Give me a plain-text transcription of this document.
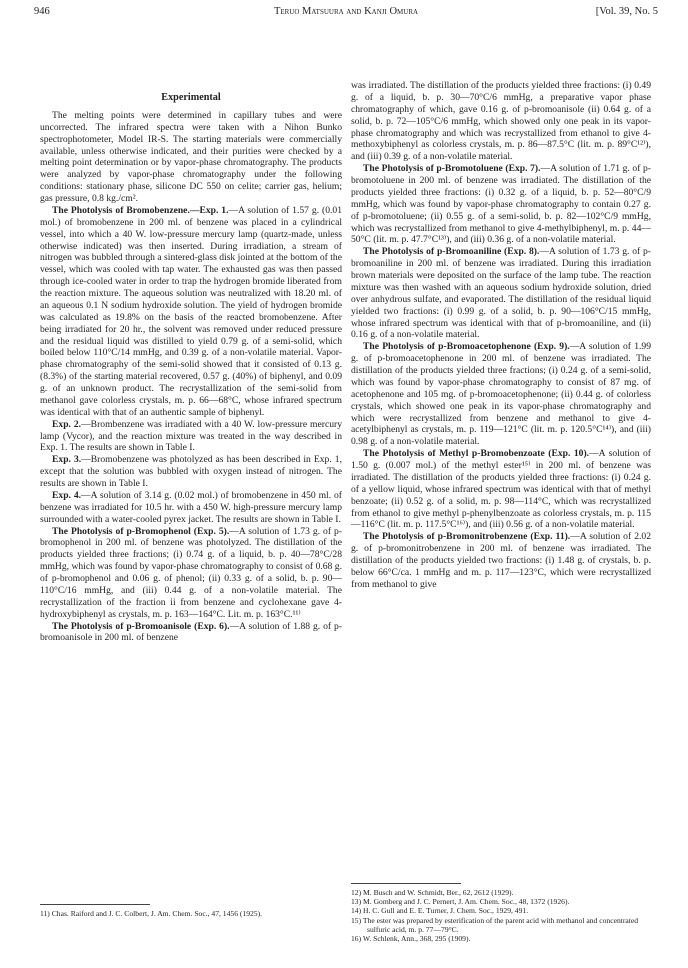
946	Teruo Matsuura and Kanji Omura	[Vol. 39, No. 5
Experimental

The melting points were determined in capillary tubes and were uncorrected. The infrared spectra were taken with a Nihon Bunko spectrophotometer, Model IR-S. The starting materials were commercially available, unless otherwise indicated, and their purities were checked by a melting point determination or by vapor-phase chromatography. The products were analyzed by vapor-phase chromatography under the following conditions: stationary phase, silicone DC 550 on celite; carrier gas, helium; gas pressure, 0.8 kg./cm².

The Photolysis of Bromobenzene.—Exp. 1.—A solution of 1.57 g. (0.01 mol.) of bromobenzene in 200 ml. of benzene was placed in a cylindrical vessel, into which a 40 W. low-pressure mercury lamp (quartz-made, unless otherwise indicated) was then inserted. During irradiation, a stream of nitrogen was bubbled through a sintered-glass disk jointed at the bottom of the vessel, which was cooled with tap water. The exhausted gas was then passed through ice-cooled water in order to trap the hydrogen bromide liberated from the reaction mixture. The aqueous solution was neutralized with 18.20 ml. of an aqueous 0.1 N sodium hydroxide solution. The yield of hydrogen bromide was calculated as 19.8% on the basis of the reacted bromobenzene. After being irradiated for 20 hr., the solvent was removed under reduced pressure and the residual liquid was distilled to yield 0.79 g. of a semi-solid, which boiled below 110°C/14 mmHg, and 0.39 g. of a non-volatile material. Vapor-phase chromatography of the semi-solid showed that it consisted of 0.13 g. (8.3%) of the starting material recovered, 0.57 g. (40%) of biphenyl, and 0.09 g. of an unknown product. The recrystallization of the semi-solid from methanol gave colorless crystals, m. p. 66—68°C, whose infrared spectrum was identical with that of an authentic sample of biphenyl.

Exp. 2.—Brombenzene was irradiated with a 40 W. low-pressure mercury lamp (Vycor), and the reaction mixture was treated in the way described in Exp. 1. The results are shown in Table I.

Exp. 3.—Bromobenzene was photolyzed as has been described in Exp. 1, except that the solution was bubbled with oxygen instead of nitrogen. The results are shown in Table I.

Exp. 4.—A solution of 3.14 g. (0.02 mol.) of bromobenzene in 450 ml. of benzene was irradiated for 10.5 hr. with a 450 W. high-pressure mercury lamp surrounded with a water-cooled pyrex jacket. The results are shown in Table I.

The Photolysis of p-Bromophenol (Exp. 5).—A solution of 1.73 g. of p-bromophenol in 200 ml. of benzene was photolyzed. The distillation of the products yielded three fractions; (i) 0.74 g. of a liquid, b. p. 40—78°C/28 mmHg, which was found by vapor-phase chromatography to consist of 0.68 g. of p-bromophenol and 0.06 g. of phenol; (ii) 0.33 g. of a solid, b. p. 90—110°C/16 mmHg, and (iii) 0.44 g. of a non-volatile material. The recrystallization of the fraction ii from benzene and cyclohexane gave 4-hydroxybiphenyl as crystals, m. p. 163—164°C. Lit. m. p. 163°C.¹¹⁾

The Photolysis of p-Bromoanisole (Exp. 6).—A solution of 1.88 g. of p-bromoanisole in 200 ml. of benzene

11) Chas. Raiford and J. C. Colbert, J. Am. Chem. Soc., 47, 1456 (1925).

was irradiated. The distillation of the products yielded three fractions: (i) 0.49 g. of a liquid, b. p. 30—70°C/6 mmHg, a preparative vapor phase chromatography of which, gave 0.16 g. of p-bromoanisole (ii) 0.64 g. of a solid, b. p. 72—105°C/6 mmHg, which showed only one peak in its vapor-phase chromatography and which was recrystallized from ethanol to give 4-methoxybiphenyl as colorless crystals, m. p. 86—87.5°C (lit. m. p. 89°C¹²⁾), and (iii) 0.39 g. of a non-volatile material.

The Photolysis of p-Bromotoluene (Exp. 7).—A solution of 1.71 g. of p-bromotoluene in 200 ml. of benzene was irradiated. The distillation of the products yielded three fractions: (i) 0.32 g. of a liquid, b. p. 52—80°C/9 mmHg, which was found by vapor-phase chromatography to contain 0.27 g. of p-bromotoluene; (ii) 0.55 g. of a semi-solid, b. p. 82—102°C/9 mmHg, which was recrystallized from methanol to give 4-methylbiphenyl, m. p. 44—50°C (lit. m. p. 47.7°C¹³⁾), and (iii) 0.36 g. of a non-volatile material.

The Photolysis of p-Bromoaniline (Exp. 8).—A solution of 1.73 g. of p-bromoaniline in 200 ml. of benzene was irradiated. During this irradiation brown materials were deposited on the surface of the lamp tube. The reaction mixture was then washed with an aqueous sodium hydroxide solution, dried over anhydrous sulfate, and evaporated. The distillation of the residual liquid yielded two fractions: (i) 0.99 g. of a solid, b. p. 90—106°C/15 mmHg, whose infrared spectrum was identical with that of p-bromoaniline, and (ii) 0.16 g. of a non-volatile material.

The Photolysis of p-Bromoacetophenone (Exp. 9).—A solution of 1.99 g. of p-bromoacetophenone in 200 ml. of benzene was irradiated. The distillation of the products yielded three fractions; (i) 0.24 g. of a semi-solid, which was found by vapor-phase chromatography to consist of 87 mg. of acetophenone and 105 mg. of p-bromoacetophenone; (ii) 0.44 g. of colorless crystals, which showed one peak in its vapor-phase chromatography and which were recrystallized from benzene and methanol to give 4-acetylbiphenyl as crystals, m. p. 119—121°C (lit. m. p. 120.5°C¹⁴⁾), and (iii) 0.98 g. of a non-volatile material.

The Photolysis of Methyl p-Bromobenzoate (Exp. 10).—A solution of 1.50 g. (0.007 mol.) of the methyl ester¹⁵⁾ in 200 ml. of benzene was irradiated. The distillation of the products yielded three fractions: (i) 0.24 g. of a yellow liquid, whose infrared spectrum was identical with that of methyl benzoate; (ii) 0.52 g. of a solid, m. p. 98—114°C, which was recrystallized from ethanol to give methyl p-phenylbenzoate as colorless crystals, m. p. 115—116°C (lit. m. p. 117.5°C¹⁶⁾), and (iii) 0.56 g. of a non-volatile material.

The Photolysis of p-Bromonitrobenzene (Exp. 11).—A solution of 2.02 g. of p-bromonitrobenzene in 200 ml. of benzene was irradiated. The distillation of the products yielded two fractions: (i) 1.48 g. of crystals, b. p. below 66°C/ca. 1 mmHg and m. p. 117—123°C, which were recrystallized from methanol to give

12) M. Busch and W. Schmidt, Ber., 62, 2612 (1929).
13) M. Gomberg and J. C. Pernert, J. Am. Chem. Soc., 48, 1372 (1926).
14) H. C. Gull and E. E. Turner, J. Chem. Soc., 1929, 491.
15) The ester was prepared by esterification of the parent acid with methanol and concentrated sulfuric acid, m. p. 77—79°C.
16) W. Schlenk, Ann., 368, 295 (1909).
